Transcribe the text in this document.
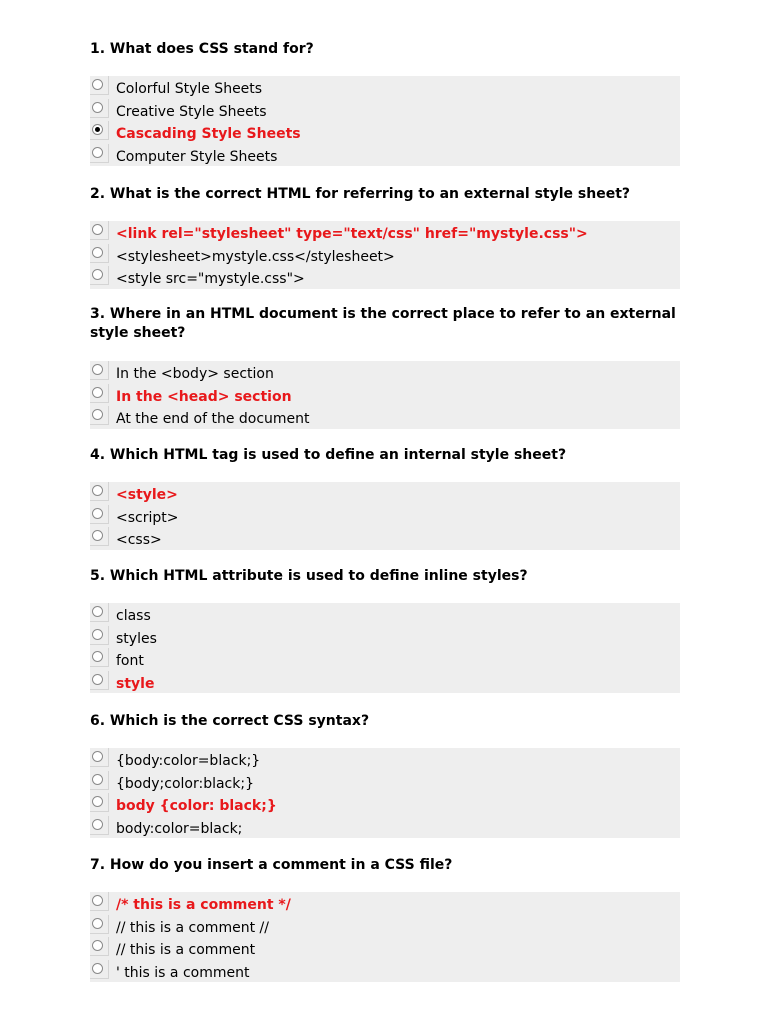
1. What does CSS stand for?

Colorful Style Sheets
Creative Style Sheets
Cascading Style Sheets
Computer Style Sheets

2. What is the correct HTML for referring to an external style sheet?

<link rel="stylesheet" type="text/css" href="mystyle.css">
<stylesheet>mystyle.css</stylesheet>
<style src="mystyle.css">

3. Where in an HTML document is the correct place to refer to an external style sheet?

In the <body> section
In the <head> section
At the end of the document

4. Which HTML tag is used to define an internal style sheet?

<style>
<script>
<css>

5. Which HTML attribute is used to define inline styles?

class
styles
font
style

6. Which is the correct CSS syntax?

{body:color=black;}
{body;color:black;}
body {color: black;}
body:color=black;

7. How do you insert a comment in a CSS file?

/* this is a comment */
// this is a comment //
// this is a comment
' this is a comment
